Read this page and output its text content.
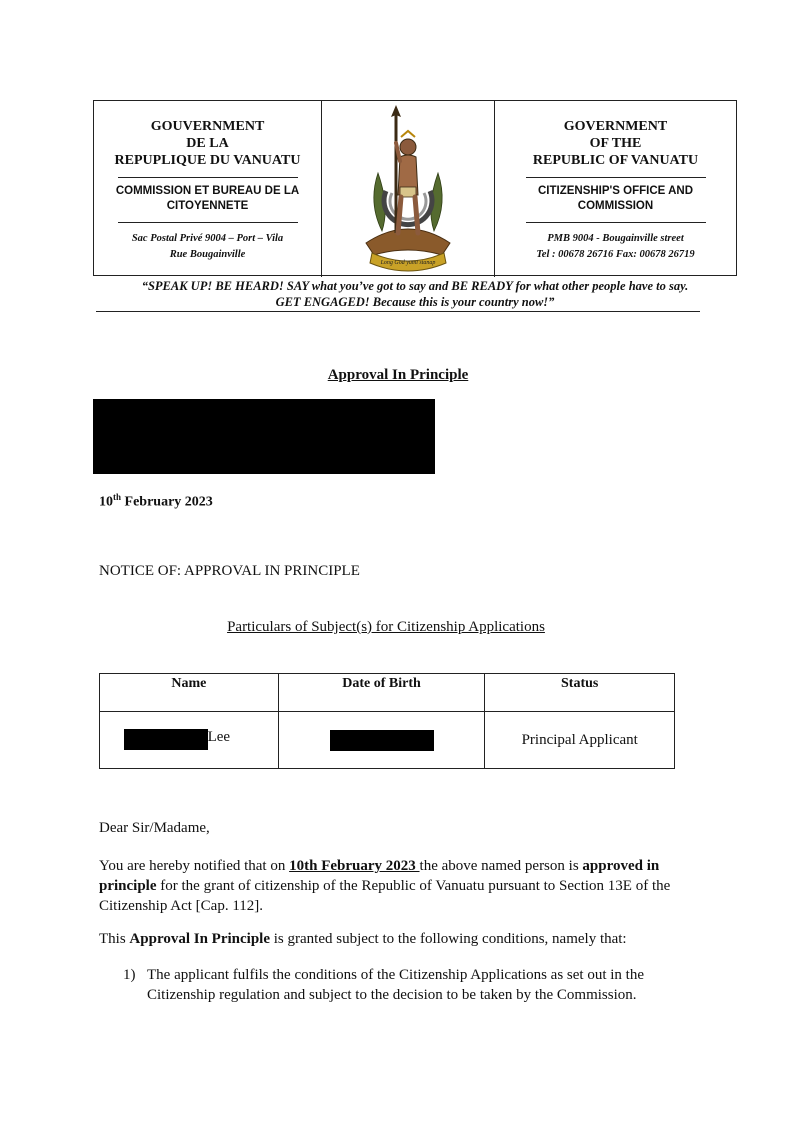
GOUVERNMENT
DE LA
REPUPLIQUE DU VANUATU
COMMISSION ET BUREAU DE LA
CITOYENNETE
Sac Postal Privé 9004 – Port – Vila
Rue Bougainville
Long God yumi stanap
GOVERNMENT
OF THE
REPUBLIC OF VANUATU
CITIZENSHIP'S OFFICE AND
COMMISSION
PMB 9004 - Bougainville street
Tel : 00678 26716 Fax: 00678 26719
“SPEAK UP! BE HEARD! SAY what you’ve got to say and BE READY for what other people have to say.
GET ENGAGED! Because this is your country now!”
Approval In Principle
10th February 2023
NOTICE OF: APPROVAL IN PRINCIPLE
Particulars of Subject(s) for Citizenship Applications
Name	Date of Birth	Status

Lee		Principal Applicant
Dear Sir/Madame,
You are hereby notified that on 10th February 2023 the above named person is approved in principle for the grant of citizenship of the Republic of Vanuatu pursuant to Section 13E of the Citizenship Act [Cap. 112].
This Approval In Principle is granted subject to the following conditions, namely that:
1) The applicant fulfils the conditions of the Citizenship Applications as set out in the Citizenship regulation and subject to the decision to be taken by the Commission.
